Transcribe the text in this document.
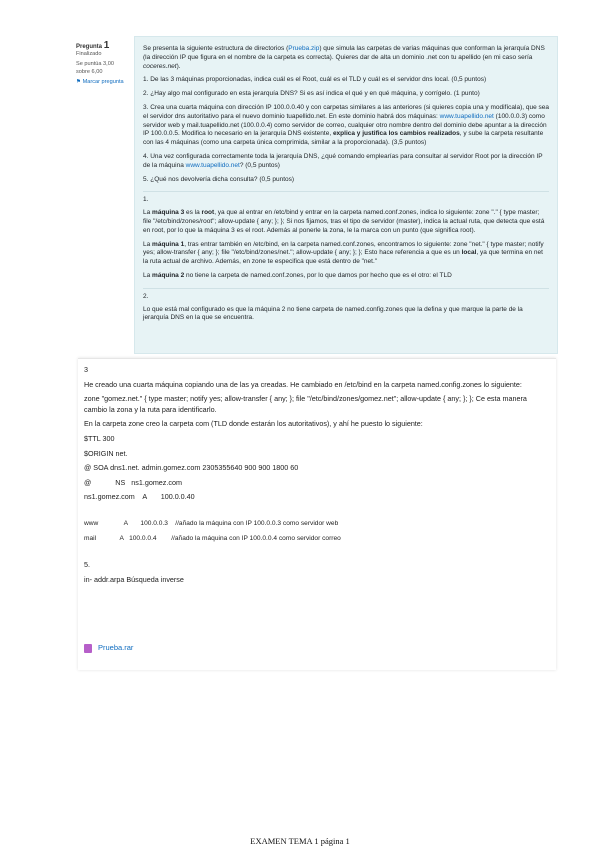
Pregunta 1
Finalizado
Se puntúa 3,00 sobre 6,00
⚑ Marcar pregunta

Se presenta la siguiente estructura de directorios (Prueba.zip) que simula las carpetas de varias máquinas que conforman la jerarquía DNS (la dirección IP que figura en el nombre de la carpeta es correcta). Quieres dar de alta un dominio .net con tu apellido (en mi caso sería coceres.net).

1. De las 3 máquinas proporcionadas, indica cuál es el Root, cuál es el TLD y cuál es el servidor dns local. (0,5 puntos)

2. ¿Hay algo mal configurado en esta jerarquía DNS? Si es así indica el qué y en qué máquina, y corrígelo. (1 punto)

3. Crea una cuarta máquina con dirección IP 100.0.0.40 y con carpetas similares a las anteriores (si quieres copia una y modifícala), que sea el servidor dns autoritativo para el nuevo dominio tuapellido.net. En este dominio habrá dos máquinas: www.tuapellido.net (100.0.0.3) como servidor web y mail.tuapellido.net (100.0.0.4) como servidor de correo, cualquier otro nombre dentro del dominio debe apuntar a la dirección IP 100.0.0.5. Modifica lo necesario en la jerarquía DNS existente, explica y justifica los cambios realizados, y sube la carpeta resultante con las 4 máquinas (como una carpeta única comprimida, similar a la proporcionada). (3,5 puntos)

4. Una vez configurada correctamente toda la jerarquía DNS, ¿qué comando emplearías para consultar al servidor Root por la dirección IP de la máquina www.tuapellido.net? (0,5 puntos)

5. ¿Qué nos devolvería dicha consulta? (0,5 puntos)

1.

La máquina 3 es la root, ya que al entrar en /etc/bind y entrar en la carpeta named.conf.zones, indica lo siguiente: zone "." { type master; file "/etc/bind/zones/root"; allow-update { any; }; }; Si nos fijamos, tras el tipo de servidor (master), indica la actual ruta, que detecta que está en root, por lo que la máquina 3 es el root. Además al ponerle la zona, le la marca con un punto (que significa root).

La máquina 1, tras entrar también en /etc/bind, en la carpeta named.conf.zones, encontramos lo siguiente: zone "net." { type master; notify yes; allow-transfer { any; }; file "/etc/bind/zones/net."; allow-update { any; }; }; Esto hace referencia a que es un local, ya que termina en net la ruta actual de archivo. Además, en zone te especifica que está dentro de "net."

La máquina 2 no tiene la carpeta de named.conf.zones, por lo que damos por hecho que es el otro: el TLD

2.

Lo que está mal configurado es que la máquina 2 no tiene carpeta de named.config.zones que la defina y que marque la parte de la jerarquía DNS en la que se encuentra.

3

He creado una cuarta máquina copiando una de las ya creadas. He cambiado en /etc/bind en la carpeta named.config.zones lo siguiente:

zone "gomez.net." { type master; notify yes; allow-transfer { any; }; file "/etc/bind/zones/gomez.net"; allow-update { any; }; }; Ce esta manera cambio la zona y la ruta para identificarlo.

En la carpeta zone creo la carpeta com (TLD donde estarán los autoritativos), y ahí he puesto lo siguiente:

$TTL 300

$ORIGIN net.

@ SOA dns1.net. admin.gomez.com 2305355640 900 900 1800 60

@            NS   ns1.gomez.com

ns1.gomez.com    A       100.0.0.40

www              A       100.0.0.3    //añado la máquina con IP 100.0.0.3 como servidor web

mail             A   100.0.0.4        //añado la máquina con IP 100.0.0.4 como servidor correo

5.

in- addr.arpa Búsqueda inverse

Prueba.rar
EXAMEN TEMA 1 página 1
